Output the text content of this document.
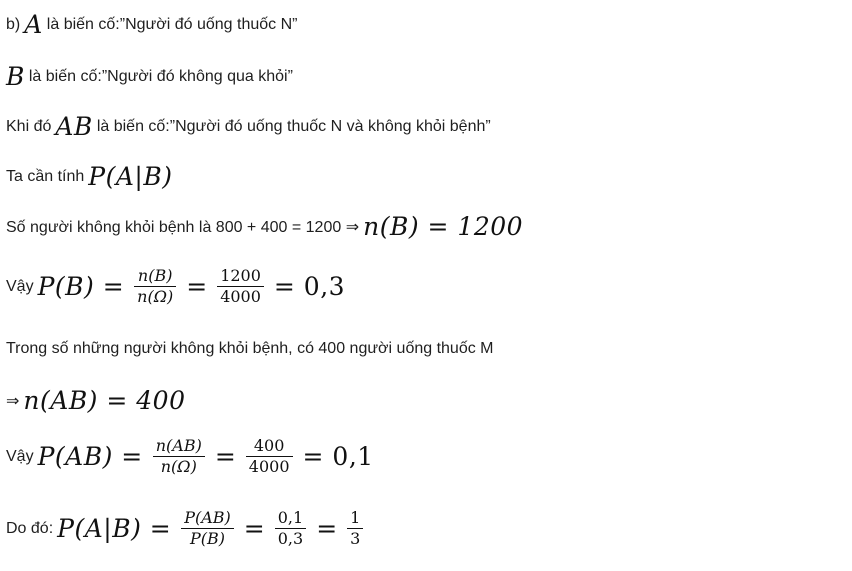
b) A là biến cố:”Người đó uống thuốc N”
B là biến cố:”Người đó không qua khỏi”
Khi đó AB là biến cố:”Người đó uống thuốc N và không khỏi bệnh”
Ta cần tính P(A|B)
Số người không khỏi bệnh là 800 + 400 = 1200 ⇒ n(B) = 1200
Vậy $P(B) = \frac{n(B)}{n(\Omega)} = \frac{1200}{4000} = 0,3$
Trong số những người không khỏi bệnh, có 400 người uống thuốc M
⇒ n(AB) = 400
Vậy $P(AB) = \frac{n(AB)}{n(\Omega)} = \frac{400}{4000} = 0,1$
Do đó: $P(A|B) = \frac{P(AB)}{P(B)} = \frac{0,1}{0,3} = \frac{1}{3}$
